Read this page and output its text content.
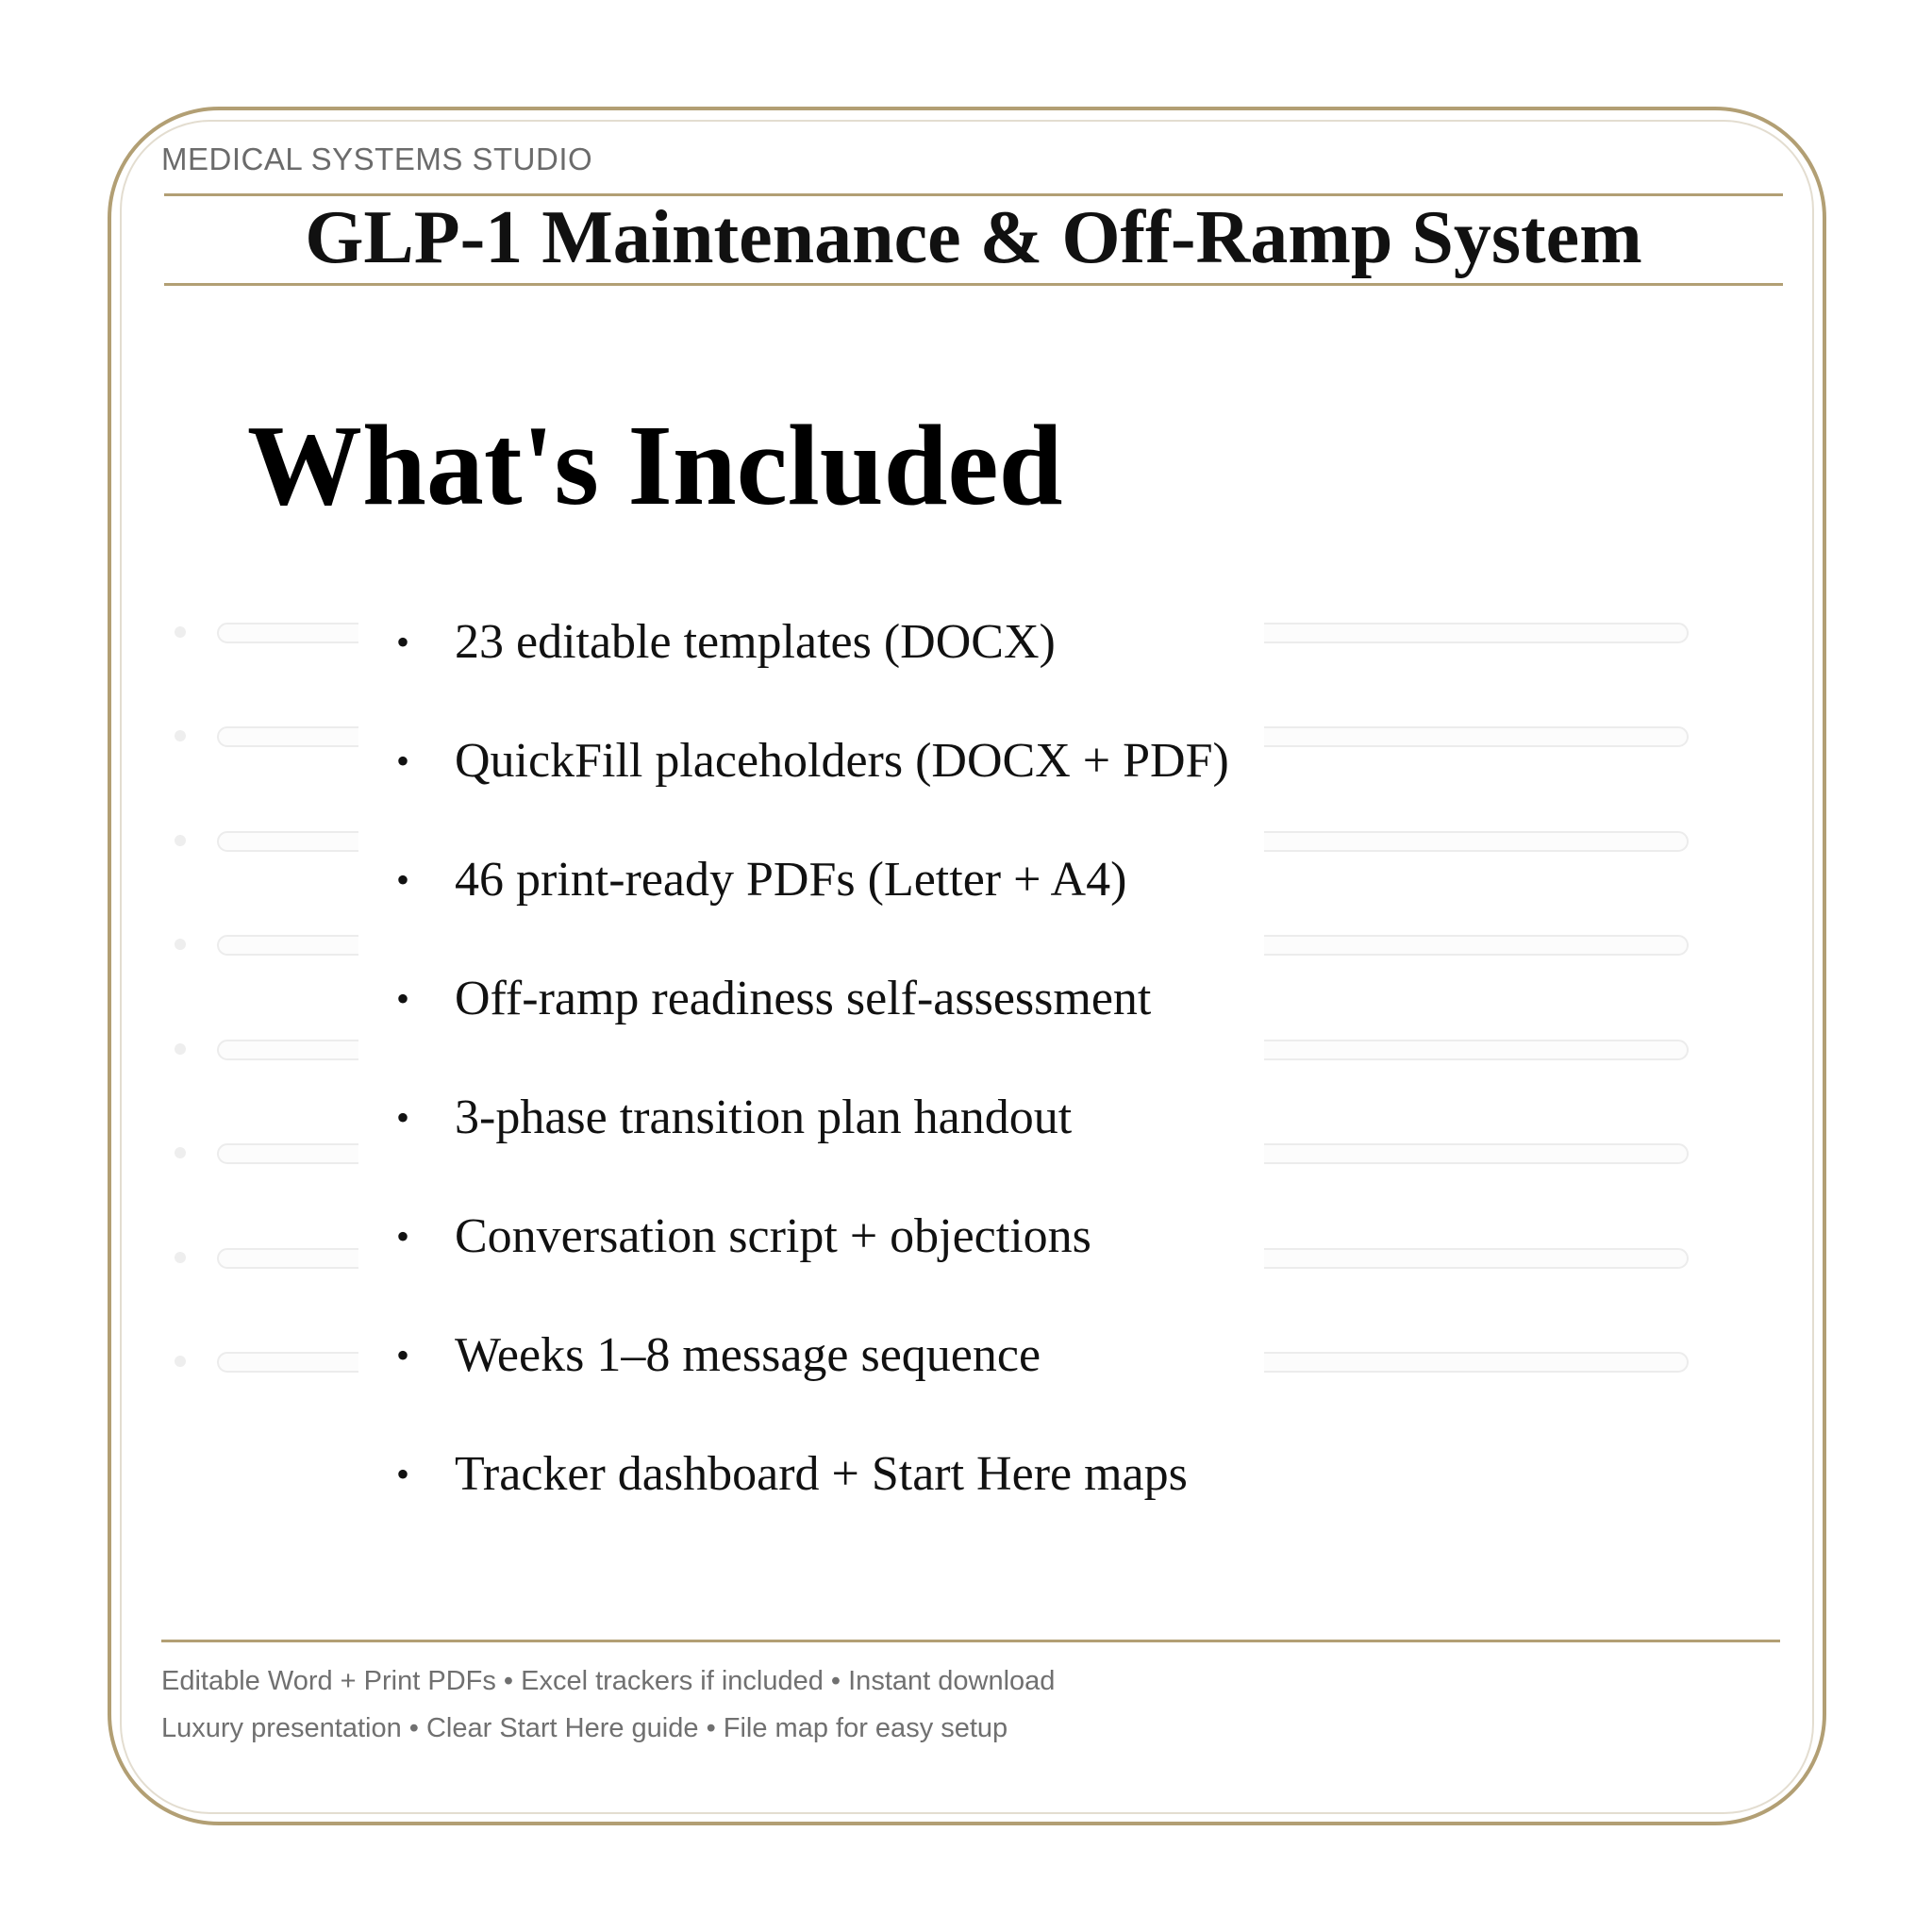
MEDICAL SYSTEMS STUDIO
GLP-1 Maintenance & Off-Ramp System
What's Included
• 23 editable templates (DOCX)
• QuickFill placeholders (DOCX + PDF)
• 46 print-ready PDFs (Letter + A4)
• Off-ramp readiness self-assessment
• 3-phase transition plan handout
• Conversation script + objections
• Weeks 1–8 message sequence
• Tracker dashboard + Start Here maps
Editable Word + Print PDFs • Excel trackers if included • Instant download
Luxury presentation • Clear Start Here guide • File map for easy setup
